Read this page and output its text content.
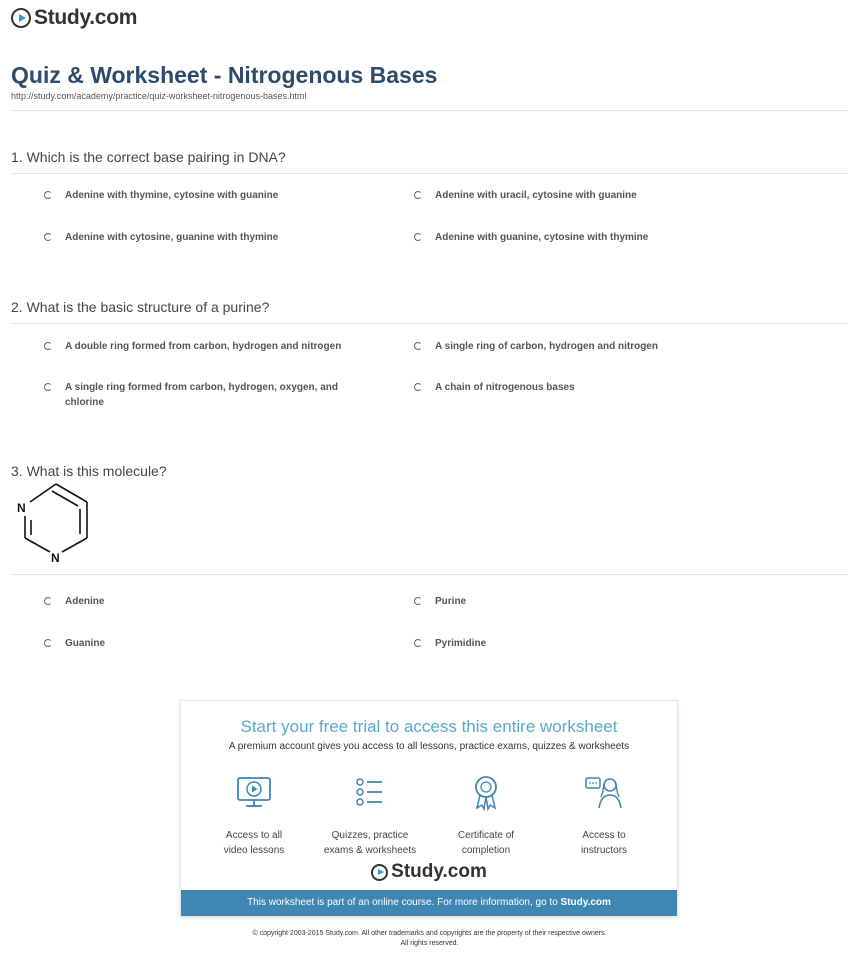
Study.com
Quiz & Worksheet - Nitrogenous Bases
http://study.com/academy/practice/quiz-worksheet-nitrogenous-bases.html
1. Which is the correct base pairing in DNA?
Adenine with thymine, cytosine with guanine	Adenine with uracil, cytosine with guanine
Adenine with cytosine, guanine with thymine	Adenine with guanine, cytosine with thymine
2. What is the basic structure of a purine?
A double ring formed from carbon, hydrogen and nitrogen	A single ring of carbon, hydrogen and nitrogen
A single ring formed from carbon, hydrogen, oxygen, and chlorine
A chain of nitrogenous bases
3. What is this molecule?
N
N
Adenine	Purine
Guanine	Pyrimidine
Start your free trial to access this entire worksheet
A premium account gives you access to all lessons, practice exams, quizzes & worksheets
Access to all
video lessons
Quizzes, practice
exams & worksheets
Certificate of
completion
Access to
instructors
Study.com
This worksheet is part of an online course. For more information, go to Study.com
© copyright 2003-2015 Study.com. All other trademarks and copyrights are the property of their respective owners.
All rights reserved.
